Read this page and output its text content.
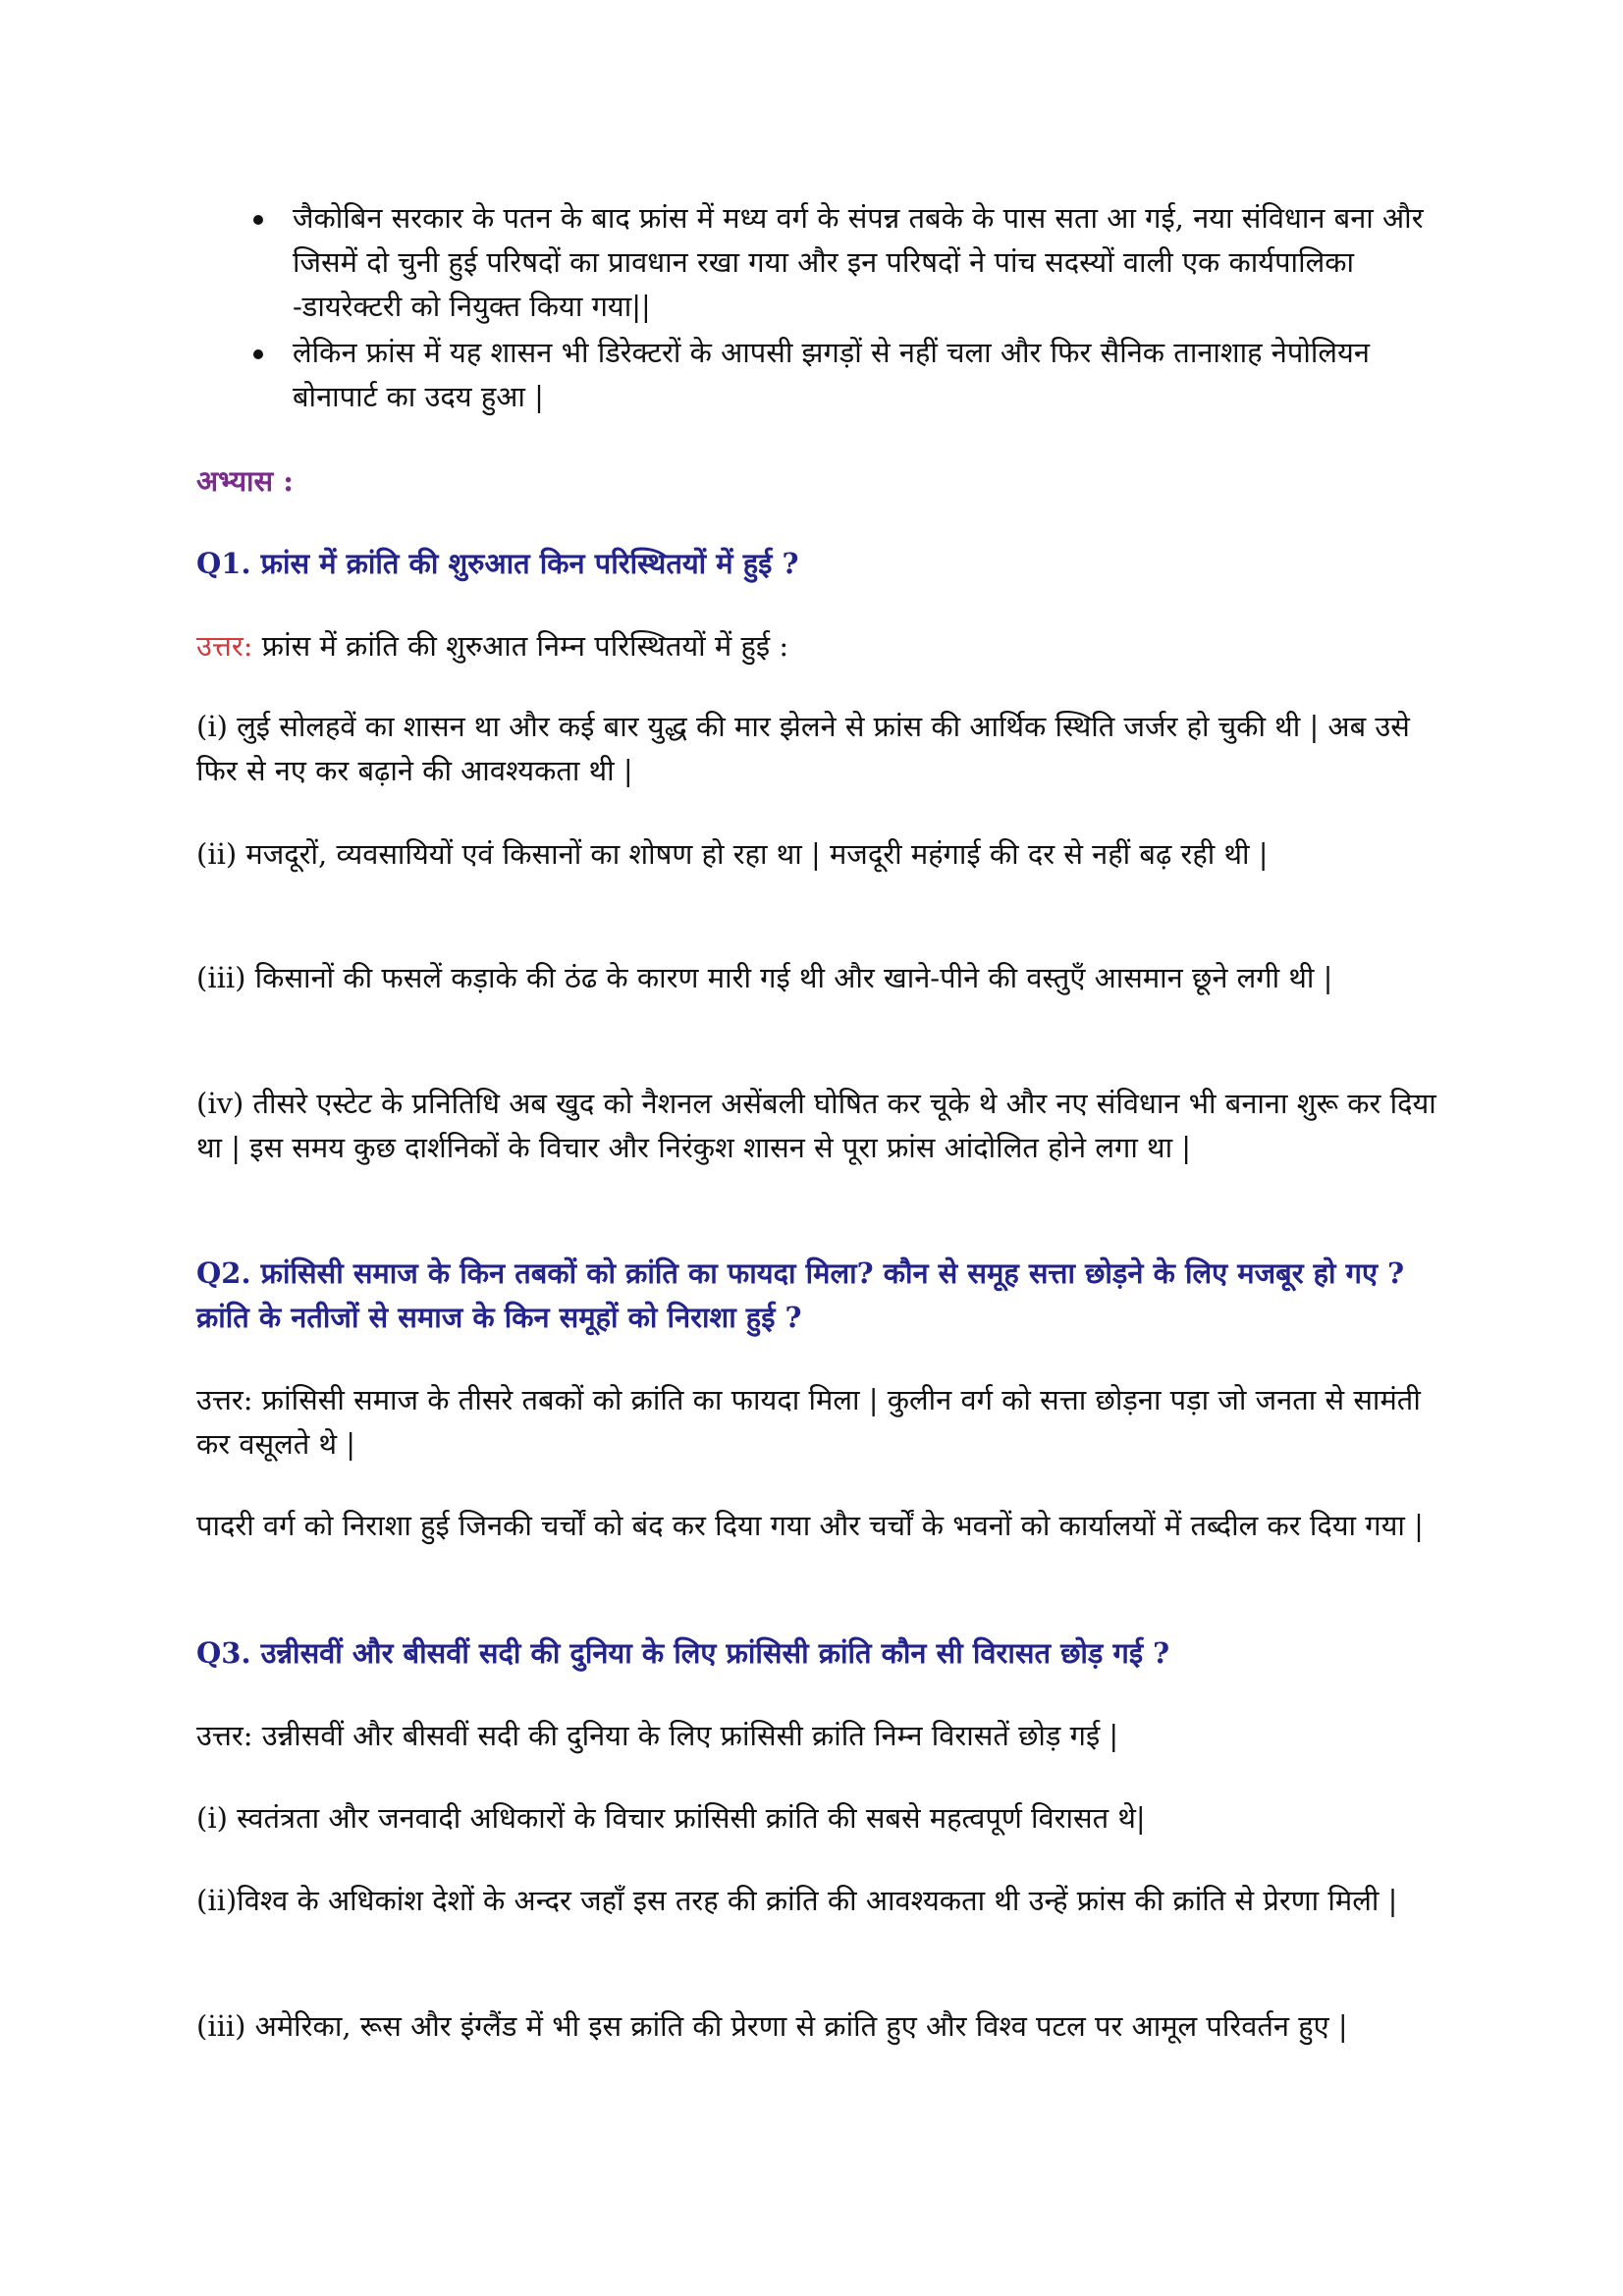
जैकोबिन सरकार के पतन के बाद फ्रांस में मध्य वर्ग के संपन्न तबके के पास सता आ गई, नया संविधान बना और जिसमें दो चुनी हुई परिषदों का प्रावधान रखा गया और इन परिषदों ने पांच सदस्यों वाली एक कार्यपालिका -डायरेक्टरी को नियुक्त किया गया||
लेकिन फ्रांस में यह शासन भी डिरेक्टरों के आपसी झगड़ों से नहीं चला और फिर सैनिक तानाशाह नेपोलियन बोनापार्ट का उदय हुआ |

अभ्यास :

Q1. फ्रांस में क्रांति की शुरुआत किन परिस्थितयों में हुई ?

उत्तर: फ्रांस में क्रांति की शुरुआत निम्न परिस्थितयों में हुई :

(i) लुई सोलहवें का शासन था और कई बार युद्ध की मार झेलने से फ्रांस की आर्थिक स्थिति जर्जर हो चुकी थी | अब उसे फिर से नए कर बढ़ाने की आवश्यकता थी |

(ii) मजदूरों, व्यवसायियों एवं किसानों का शोषण हो रहा था | मजदूरी महंगाई की दर से नहीं बढ़ रही थी |

(iii) किसानों की फसलें कड़ाके की ठंढ के कारण मारी गई थी और खाने-पीने की वस्तुएँ आसमान छूने लगी थी |

(iv) तीसरे एस्टेट के प्रनितिधि अब खुद को नैशनल असेंबली घोषित कर चूके थे और नए संविधान भी बनाना शुरू कर दिया था | इस समय कुछ दार्शनिकों के विचार और निरंकुश शासन से पूरा फ्रांस आंदोलित होने लगा था |

Q2. फ्रांसिसी समाज के किन तबकों को क्रांति का फायदा मिला? कौन से समूह सत्ता छोड़ने के लिए मजबूर हो गए ? क्रांति के नतीजों से समाज के किन समूहों को निराशा हुई ?

उत्तर: फ्रांसिसी समाज के तीसरे तबकों को क्रांति का फायदा मिला | कुलीन वर्ग को सत्ता छोड़ना पड़ा जो जनता से सामंती कर वसूलते थे |

पादरी वर्ग को निराशा हुई जिनकी चर्चों को बंद कर दिया गया और चर्चों के भवनों को कार्यालयों में तब्दील कर दिया गया |

Q3. उन्नीसवीं और बीसवीं सदी की दुनिया के लिए फ्रांसिसी क्रांति कौन सी विरासत छोड़ गई ?

उत्तर: उन्नीसवीं और बीसवीं सदी की दुनिया के लिए फ्रांसिसी क्रांति निम्न विरासतें छोड़ गई |

(i) स्वतंत्रता और जनवादी अधिकारों के विचार फ्रांसिसी क्रांति की सबसे महत्वपूर्ण विरासत थे|

(ii)विश्व के अधिकांश देशों के अन्दर जहाँ इस तरह की क्रांति की आवश्यकता थी उन्हें फ्रांस की क्रांति से प्रेरणा मिली |

(iii) अमेरिका, रूस और इंग्लैंड में भी इस क्रांति की प्रेरणा से क्रांति हुए और विश्व पटल पर आमूल परिवर्तन हुए |
